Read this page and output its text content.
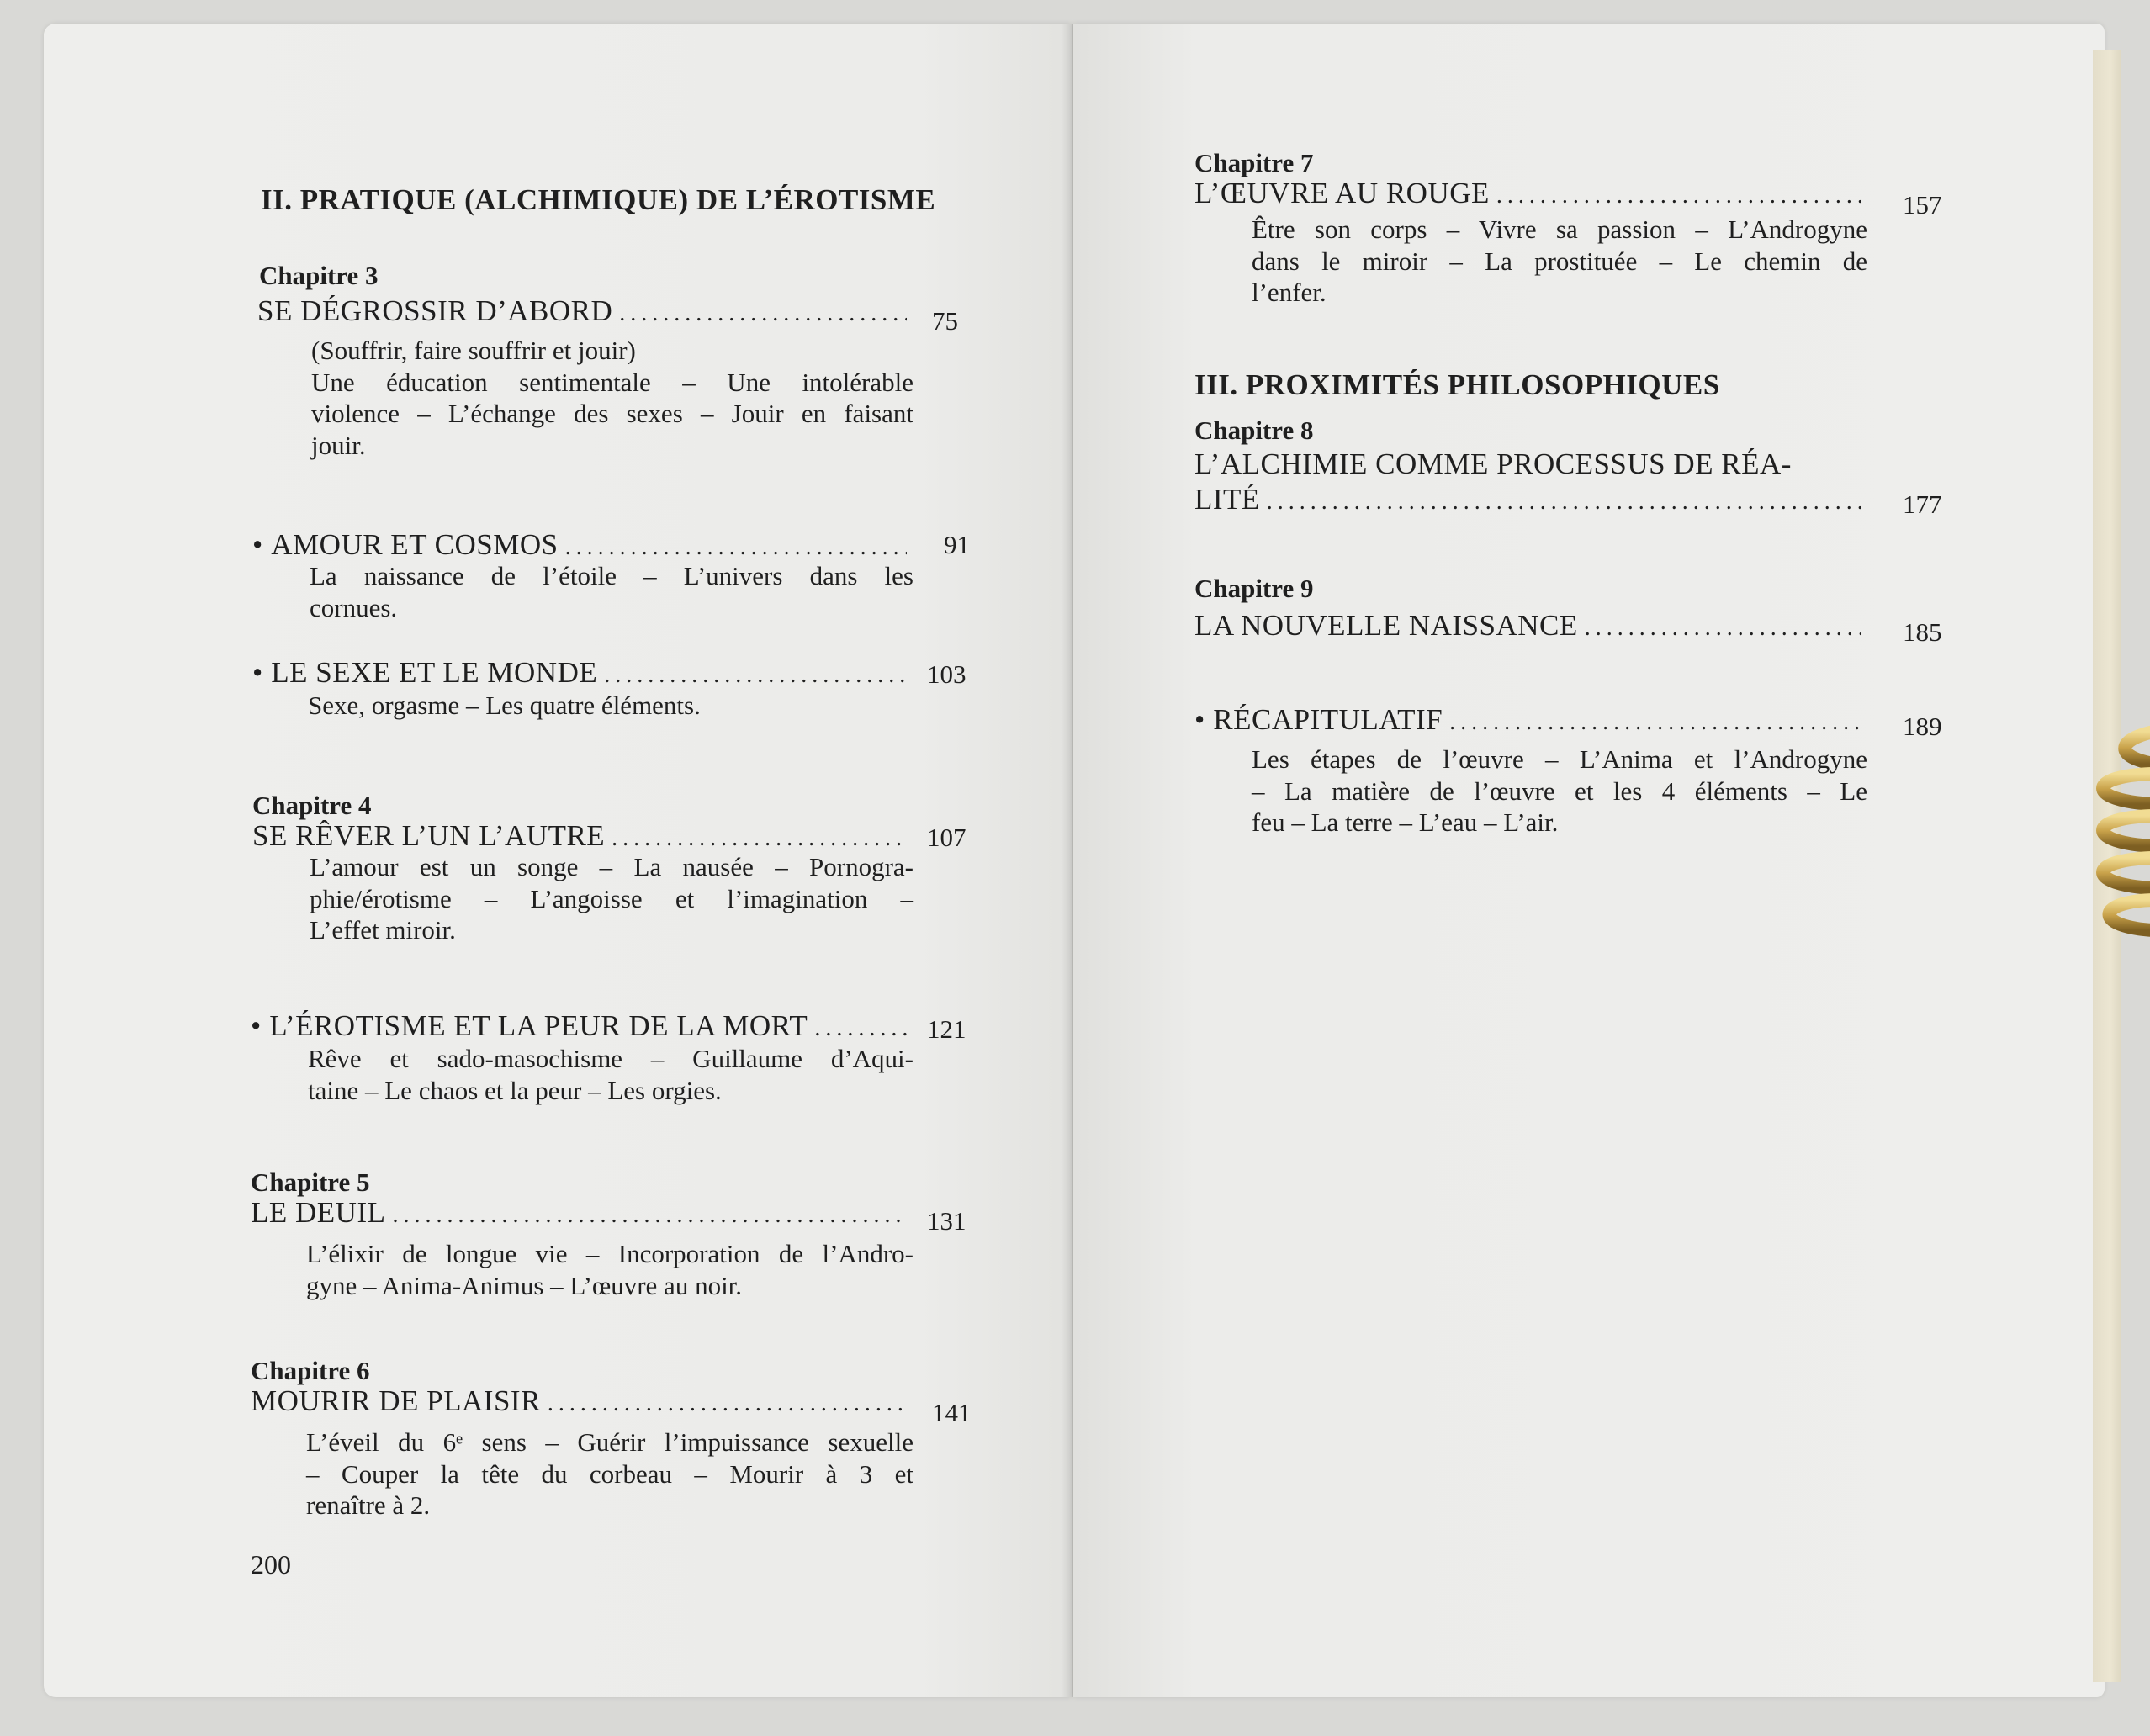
II. PRATIQUE (ALCHIMIQUE) DE L’ÉROTISME
Chapitre 3
SE DÉGROSSIR D’ABORD .....	75
(Souffrir, faire souffrir et jouir)
Une éducation sentimentale – Une intolérable
violence – L’échange des sexes – Jouir en faisant
jouir.
• AMOUR ET COSMOS .....	91
La naissance de l’étoile – L’univers dans les
cornues.
• LE SEXE ET LE MONDE .....	103
Sexe, orgasme – Les quatre éléments.
Chapitre 4
SE RÊVER L’UN L’AUTRE .....	107
L’amour est un songe – La nausée – Pornogra-
phie/érotisme – L’angoisse et l’imagination –
L’effet miroir.
• L’ÉROTISME ET LA PEUR DE LA MORT .....	121
Rêve et sado-masochisme – Guillaume d’Aqui-
taine – Le chaos et la peur – Les orgies.
Chapitre 5
LE DEUIL .....	131
L’élixir de longue vie – Incorporation de l’Andro-
gyne – Anima-Animus – L’œuvre au noir.
Chapitre 6
MOURIR DE PLAISIR .....	141
L’éveil du 6ᵉ sens – Guérir l’impuissance sexuelle
– Couper la tête du corbeau – Mourir à 3 et
renaître à 2.
200
Chapitre 7
L’ŒUVRE AU ROUGE .....	157
Être son corps – Vivre sa passion – L’Androgyne
dans le miroir – La prostituée – Le chemin de
l’enfer.
III. PROXIMITÉS PHILOSOPHIQUES
Chapitre 8
L’ALCHIMIE COMME PROCESSUS DE RÉA-
LITÉ .....	177
Chapitre 9
LA NOUVELLE NAISSANCE .....	185
• RÉCAPITULATIF .....	189
Les étapes de l’œuvre – L’Anima et l’Androgyne
– La matière de l’œuvre et les 4 éléments – Le
feu – La terre – L’eau – L’air.
